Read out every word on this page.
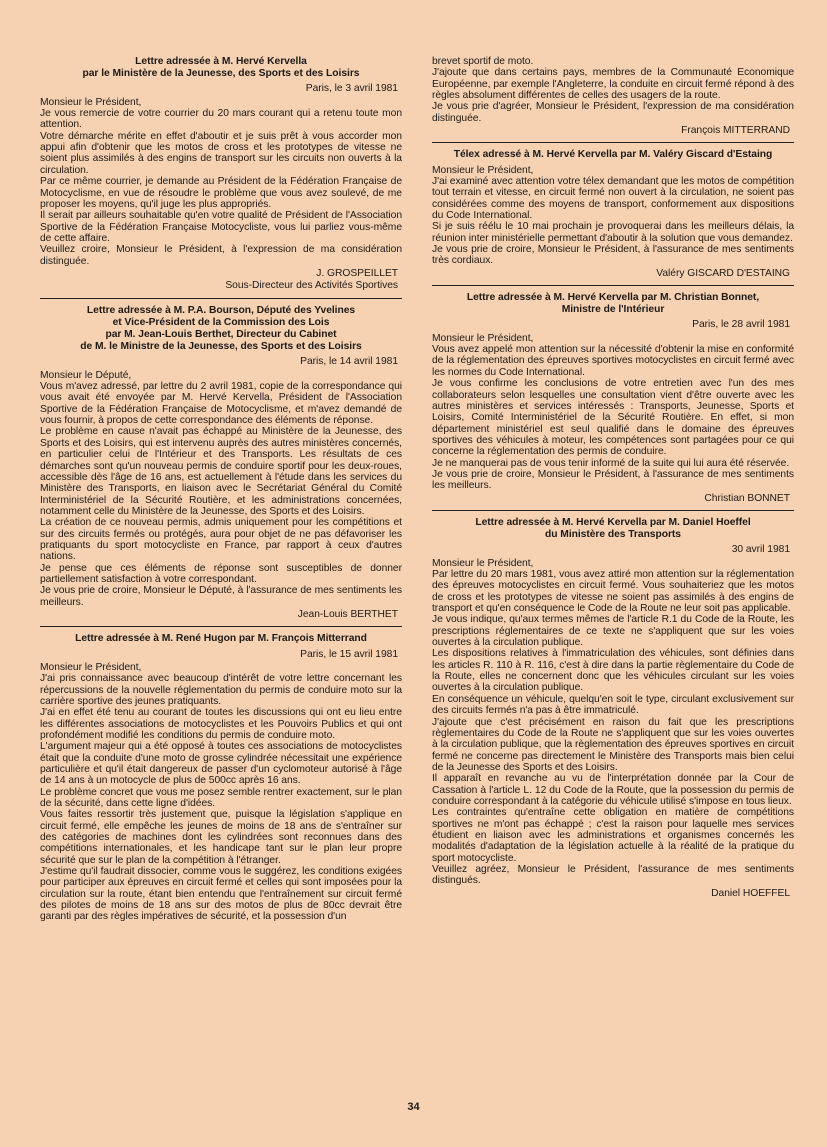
Lettre adressée à M. Hervé Kervella
par le Ministère de la Jeunesse, des Sports et des Loisirs
Paris, le 3 avril 1981

Monsieur le Président,

Je vous remercie de votre courrier du 20 mars courant qui a retenu toute mon attention.

Votre démarche mérite en effet d'aboutir et je suis prêt à vous accorder mon appui afin d'obtenir que les motos de cross et les prototypes de vitesse ne soient plus assimilés à des engins de transport sur les circuits non ouverts à la circulation.

Par ce même courrier, je demande au Président de la Fédération Française de Motocyclisme, en vue de résoudre le problème que vous avez soulevé, de me proposer les moyens, qu'il juge les plus appropriés.

Il serait par ailleurs souhaitable qu'en votre qualité de Président de l'Association Sportive de la Fédération Française Motocycliste, vous lui parliez vous-même de cette affaire.

Veuillez croire, Monsieur le Président, à l'expression de ma considération distinguée.

J. GROSPEILLET
Sous-Directeur des Activités Sportives
Lettre adressée à M. P.A. Bourson, Député des Yvelines
et Vice-Président de la Commission des Lois
par M. Jean-Louis Berthet, Directeur du Cabinet
de M. le Ministre de la Jeunesse, des Sports et des Loisirs
Paris, le 14 avril 1981

Monsieur le Député,

Vous m'avez adressé, par lettre du 2 avril 1981, copie de la correspondance qui vous avait été envoyée par M. Hervé Kervella, Président de l'Association Sportive de la Fédération Française de Motocyclisme, et m'avez demandé de vous fournir, à propos de cette correspondance des éléments de réponse.

Le problème en cause n'avait pas échappé au Ministère de la Jeunesse, des Sports et des Loisirs, qui est intervenu auprès des autres ministères concernés, en particulier celui de l'Intérieur et des Transports. Les résultats de ces démarches sont qu'un nouveau permis de conduire sportif pour les deux-roues, accessible dès l'âge de 16 ans, est actuellement à l'étude dans les services du Ministère des Transports, en liaison avec le Secrétariat Général du Comité Interministériel de la Sécurité Routière, et les administrations concernées, notamment celle du Ministère de la Jeunesse, des Sports et des Loisirs.

La création de ce nouveau permis, admis uniquement pour les compétitions et sur des circuits fermés ou protégés, aura pour objet de ne pas défavoriser les pratiquants du sport motocycliste en France, par rapport à ceux d'autres nations.

Je pense que ces éléments de réponse sont susceptibles de donner partiellement satisfaction à votre correspondant.

Je vous prie de croire, Monsieur le Député, à l'assurance de mes sentiments les meilleurs.

Jean-Louis BERTHET
Lettre adressée à M. René Hugon par M. François Mitterrand
Paris, le 15 avril 1981

Monsieur le Président,

J'ai pris connaissance avec beaucoup d'intérêt de votre lettre concernant les répercussions de la nouvelle réglementation du permis de conduire moto sur la carrière sportive des jeunes pratiquants.

J'ai en effet été tenu au courant de toutes les discussions qui ont eu lieu entre les différentes associations de motocyclistes et les Pouvoirs Publics et qui ont profondément modifié les conditions du permis de conduire moto.

L'argument majeur qui a été opposé à toutes ces associations de motocyclistes était que la conduite d'une moto de grosse cylindrée nécessitait une expérience particulière et qu'il était dangereux de passer d'un cyclomoteur autorisé à l'âge de 14 ans à un motocycle de plus de 500cc après 16 ans.

Le problème concret que vous me posez semble rentrer exactement, sur le plan de la sécurité, dans cette ligne d'idées.

Vous faites ressortir très justement que, puisque la législation s'applique en circuit fermé, elle empêche les jeunes de moins de 18 ans de s'entraîner sur des catégories de machines dont les cylindrées sont reconnues dans des compétitions internationales, et les handicape tant sur le plan leur propre sécurité que sur le plan de la compétition à l'étranger.

J'estime qu'il faudrait dissocier, comme vous le suggérez, les conditions exigées pour participer aux épreuves en circuit fermé et celles qui sont imposées pour la circulation sur la route, étant bien entendu que l'entraînement sur circuit fermé des pilotes de moins de 18 ans sur des motos de plus de 80cc devrait être garanti par des règles impératives de sécurité, et la possession d'un

brevet sportif de moto.

J'ajoute que dans certains pays, membres de la Communauté Economique Européenne, par exemple l'Angleterre, la conduite en circuit fermé répond à des règles absolument différentes de celles des usagers de la route.

Je vous prie d'agréer, Monsieur le Président, l'expression de ma considération distinguée.

François MITTERRAND
Télex adressé à M. Hervé Kervella par M. Valéry Giscard d'Estaing

Monsieur le Président,

J'ai examiné avec attention votre télex demandant que les motos de compétition tout terrain et vitesse, en circuit fermé non ouvert à la circulation, ne soient pas considérées comme des moyens de transport, conformement aux dispositions du Code International.

Si je suis réélu le 10 mai prochain je provoquerai dans les meilleurs délais, la réunion inter ministérielle permettant d'aboutir à la solution que vous demandez.

Je vous prie de croire, Monsieur le Président, à l'assurance de mes sentiments très cordiaux.

Valéry GISCARD D'ESTAING
Lettre adressée à M. Hervé Kervella par M. Christian Bonnet,
Ministre de l'Intérieur
Paris, le 28 avril 1981

Monsieur le Président,

Vous avez appelé mon attention sur la nécessité d'obtenir la mise en conformité de la réglementation des épreuves sportives motocyclistes en circuit fermé avec les normes du Code International.

Je vous confirme les conclusions de votre entretien avec l'un des mes collaborateurs selon lesquelles une consultation vient d'être ouverte avec les autres ministères et services intéressés : Transports, Jeunesse, Sports et Loisirs, Comité Interministériel de la Sécurité Routière. En effet, si mon département ministériel est seul qualifié dans le domaine des épreuves sportives des véhicules à moteur, les compétences sont partagées pour ce qui concerne la réglementation des permis de conduire.

Je ne manquerai pas de vous tenir informé de la suite qui lui aura été réservée.

Je vous prie de croire, Monsieur le Président, à l'assurance de mes sentiments les meilleurs.

Christian BONNET
Lettre adressée à M. Hervé Kervella par M. Daniel Hoeffel
du Ministère des Transports
30 avril 1981

Monsieur le Président,

Par lettre du 20 mars 1981, vous avez attiré mon attention sur la réglementation des épreuves motocyclistes en circuit fermé. Vous souhaiteriez que les motos de cross et les prototypes de vitesse ne soient pas assimilés à des engins de transport et qu'en conséquence le Code de la Route ne leur soit pas applicable.

Je vous indique, qu'aux termes mêmes de l'article R.1 du Code de la Route, les prescriptions réglementaires de ce texte ne s'appliquent que sur les voies ouvertes à la circulation publique.

Les dispositions relatives à l'immatriculation des véhicules, sont définies dans les articles R. 110 à R. 116, c'est à dire dans la partie règlementaire du Code de la Route, elles ne concernent donc que les véhicules circulant sur les voies ouvertes à la circulation publique.

En conséquence un véhicule, quelqu'en soit le type, circulant exclusivement sur des circuits fermés n'a pas à être immatriculé.

J'ajoute que c'est précisément en raison du fait que les prescriptions règlementaires du Code de la Route ne s'appliquent que sur les voies ouvertes à la circulation publique, que la règlementation des épreuves sportives en circuit fermé ne concerne pas directement le Ministère des Transports mais bien celui de la Jeunesse des Sports et des Loisirs.

Il apparaît en revanche au vu de l'interprétation donnée par la Cour de Cassation à l'article L. 12 du Code de la Route, que la possession du permis de conduire correspondant à la catégorie du véhicule utilisé s'impose en tous lieux.

Les contraintes qu'entraîne cette obligation en matière de compétitions sportives ne m'ont pas échappé ; c'est la raison pour laquelle mes services étudient en liaison avec les administrations et organismes concernés les modalités d'adaptation de la législation actuelle à la réalité de la pratique du sport motocycliste.

Veuillez agréez, Monsieur le Président, l'assurance de mes sentiments distingués.

Daniel HOEFFEL
34
